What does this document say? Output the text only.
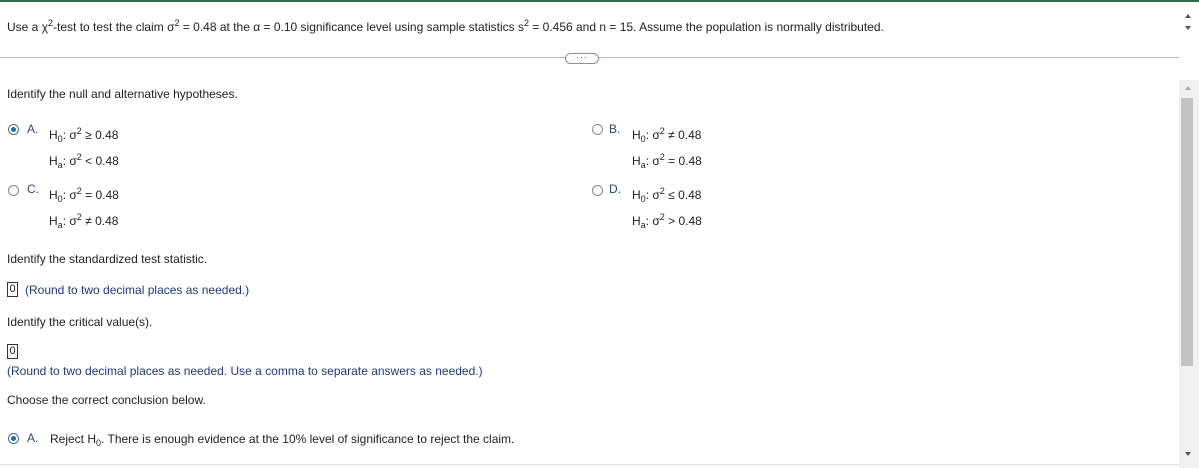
Use a $\chi^2$-test to test the claim $\sigma^2 = 0.48$ at the α = 0.10 significance level using sample statistics $s^2 = 0.456$ and n = 15. Assume the population is normally distributed.
···
Identify the null and alternative hypotheses.
A. $H_0$: $\sigma^2 \ge 0.48$
$H_a$: $\sigma^2 < 0.48$
B. $H_0$: $\sigma^2 \ne 0.48$
$H_a$: $\sigma^2 = 0.48$
C. $H_0$: $\sigma^2 = 0.48$
$H_a$: $\sigma^2 \ne 0.48$
D. $H_0$: $\sigma^2 \le 0.48$
$H_a$: $\sigma^2 > 0.48$
Identify the standardized test statistic.
0 (Round to two decimal places as needed.)
Identify the critical value(s).
0
(Round to two decimal places as needed. Use a comma to separate answers as needed.)
Choose the correct conclusion below.
A. Reject $H_0$. There is enough evidence at the 10% level of significance to reject the claim.
